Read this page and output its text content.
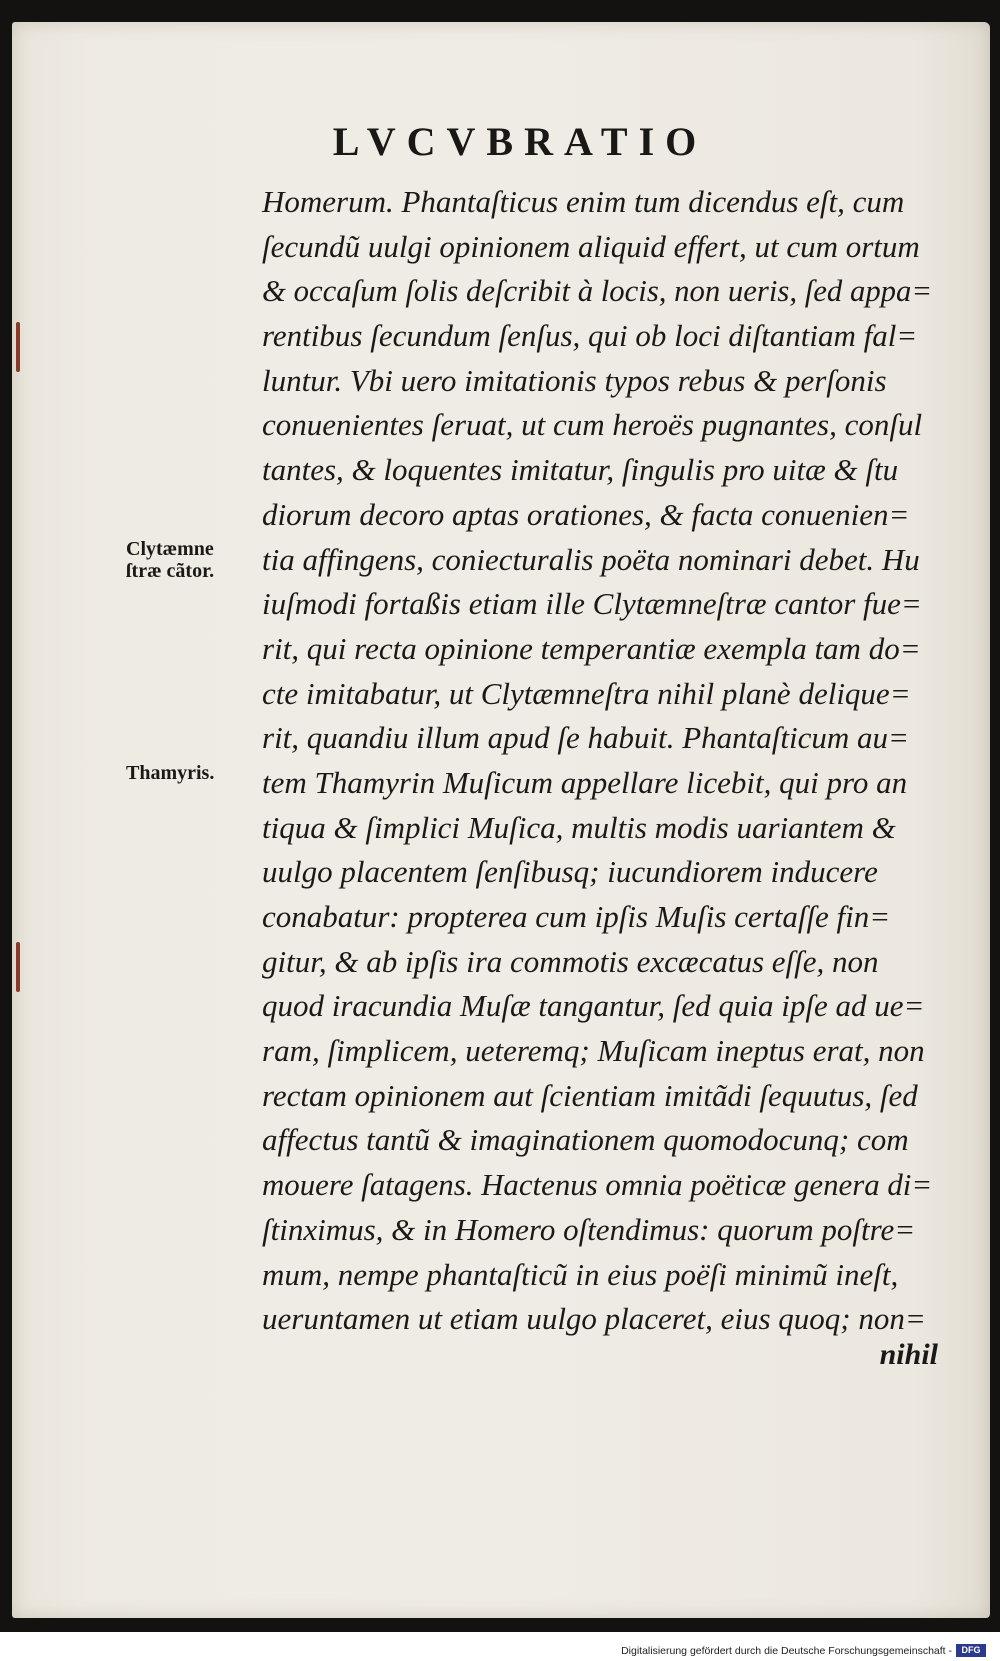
LVCVBRATIO
Clytæmne
ſtræ cãtor.
Thamyris.
Homerum. Phantaſticus enim tum dicendus eſt, cum
ſecundũ uulgi opinionem aliquid effert, ut cum ortum
& occaſum ſolis deſcribit à locis, non ueris, ſed appa=
rentibus ſecundum ſenſus, qui ob loci diſtantiam fal=
luntur. Vbi uero imitationis typos rebus & perſonis
conuenientes ſeruat, ut cum heroës pugnantes, conſul
tantes, & loquentes imitatur, ſingulis pro uitæ & ſtu
diorum decoro aptas orationes, & facta conuenien=
tia affingens, coniecturalis poëta nominari debet. Hu
iuſmodi fortaßis etiam ille Clytæmneſtræ cantor fue=
rit, qui recta opinione temperantiæ exempla tam do=
cte imitabatur, ut Clytæmneſtra nihil planè delique=
rit, quandiu illum apud ſe habuit. Phantaſticum au=
tem Thamyrin Muſicum appellare licebit, qui pro an
tiqua & ſimplici Muſica, multis modis uariantem &
uulgo placentem ſenſibusq; iucundiorem inducere
conabatur: propterea cum ipſis Muſis certaſſe fin=
gitur, & ab ipſis ira commotis excæcatus eſſe, non
quod iracundia Muſæ tangantur, ſed quia ipſe ad ue=
ram, ſimplicem, ueteremq; Muſicam ineptus erat, non
rectam opinionem aut ſcientiam imitãdi ſequutus, ſed
affectus tantũ & imaginationem quomodocunq; com
mouere ſatagens. Hactenus omnia poëticæ genera di=
ſtinximus, & in Homero oſtendimus: quorum poſtre=
mum, nempe phantaſticũ in eius poëſi minimũ ineſt,
ueruntamen ut etiam uulgo placeret, eius quoq; non=
nihil
Digitalisierung gefördert durch die Deutsche Forschungsgemeinschaft -	DFG
